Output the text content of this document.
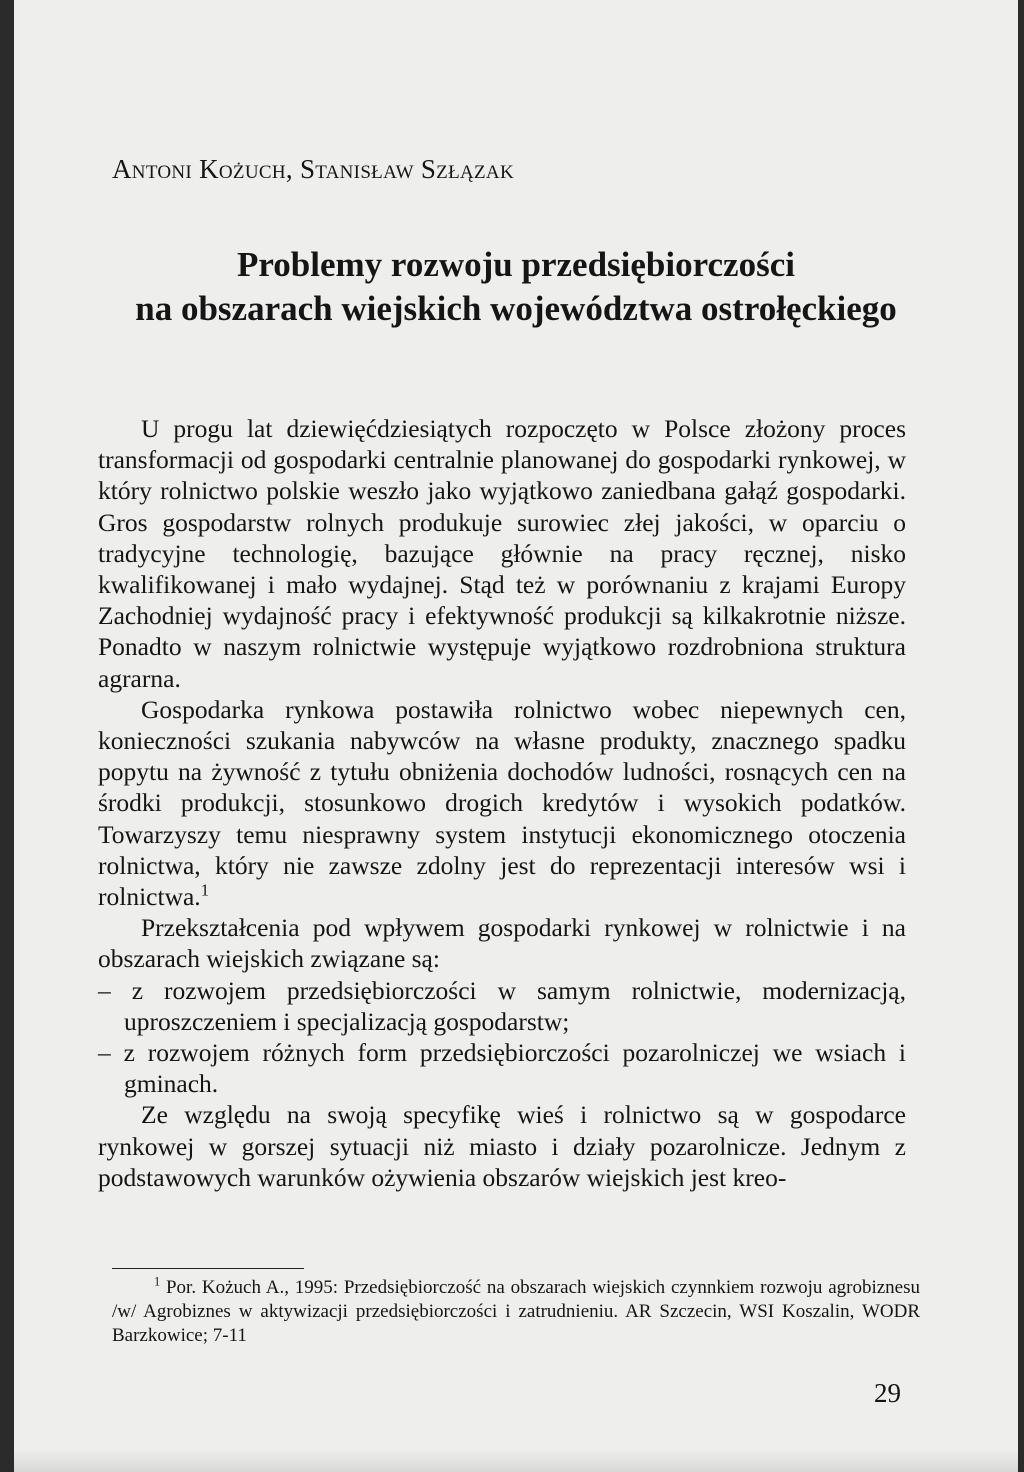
Antoni Kożuch, Stanisław Szłązak
Problemy rozwoju przedsiębiorczości
na obszarach wiejskich województwa ostrołęckiego

U progu lat dziewięćdziesiątych rozpoczęto w Polsce złożony proces transformacji od gospodarki centralnie planowanej do gospodarki rynkowej, w który rolnictwo polskie weszło jako wyjątkowo zaniedbana gałąź gospodarki. Gros gospodarstw rolnych produkuje surowiec złej jakości, w oparciu o tradycyjne technologię, bazujące głównie na pracy ręcznej, nisko kwalifikowanej i mało wydajnej. Stąd też w porównaniu z krajami Europy Zachodniej wydajność pracy i efektywność produkcji są kilkakrotnie niższe. Ponadto w naszym rolnictwie występuje wyjątkowo rozdrobniona struktura agrarna.

Gospodarka rynkowa postawiła rolnictwo wobec niepewnych cen, konieczności szukania nabywców na własne produkty, znacznego spadku popytu na żywność z tytułu obniżenia dochodów ludności, rosnących cen na środki produkcji, stosunkowo drogich kredytów i wysokich podatków. Towarzyszy temu niesprawny system instytucji ekonomicznego otoczenia rolnictwa, który nie zawsze zdolny jest do reprezentacji interesów wsi i rolnictwa.$^1$

Przekształcenia pod wpływem gospodarki rynkowej w rolnictwie i na obszarach wiejskich związane są:

– z rozwojem przedsiębiorczości w samym rolnictwie, modernizacją, uproszczeniem i specjalizacją gospodarstw;

– z rozwojem różnych form przedsiębiorczości pozarolniczej we wsiach i gminach.

Ze względu na swoją specyfikę wieś i rolnictwo są w gospodarce rynkowej w gorszej sytuacji niż miasto i działy pozarolnicze. Jednym z podstawowych warunków ożywienia obszarów wiejskich jest kreo-

$^1$ Por. Kożuch A., 1995: Przedsiębiorczość na obszarach wiejskich czynnkiem rozwoju agrobiznesu /w/ Agrobiznes w aktywizacji przedsiębiorczości i zatrudnieniu. AR Szczecin, WSI Koszalin, WODR Barzkowice; 7-11

29
